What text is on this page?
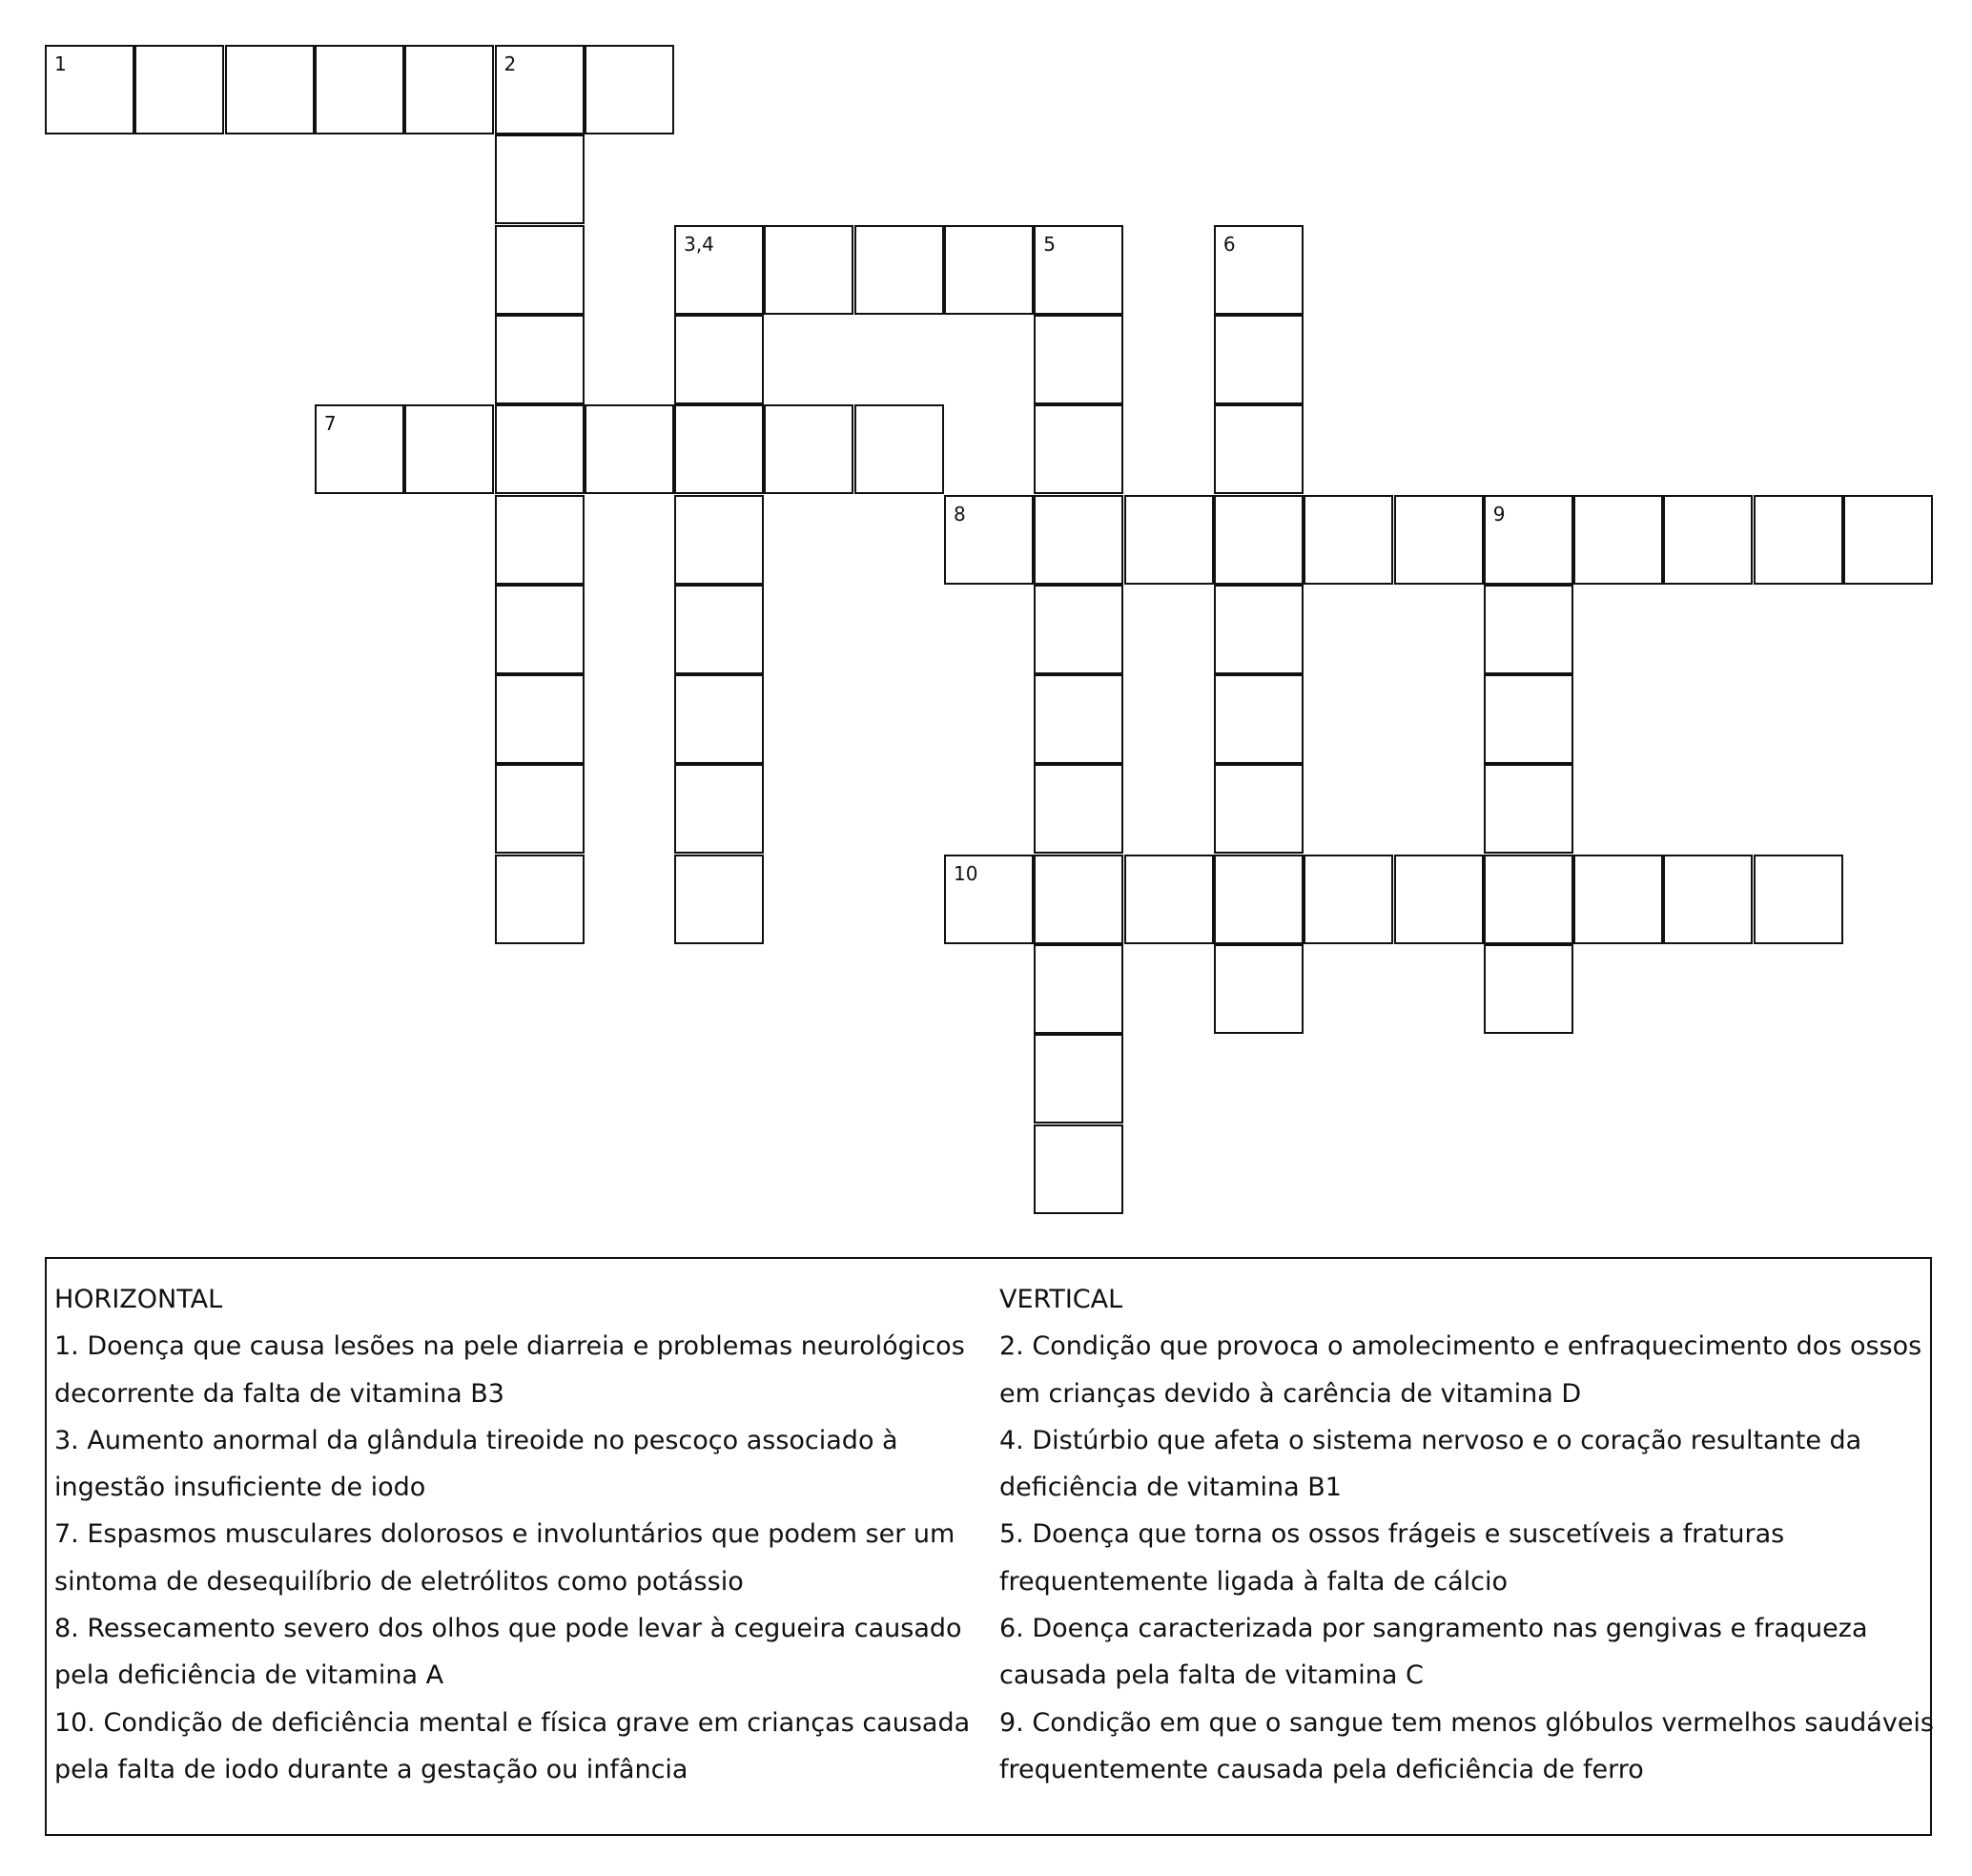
1	2
3,4	5	6
7
8	9
10

HORIZONTAL

1. Doença que causa lesões na pele diarreia e problemas neurológicos decorrente da falta de vitamina B3

3. Aumento anormal da glândula tireoide no pescoço associado à ingestão insuficiente de iodo

7. Espasmos musculares dolorosos e involuntários que podem ser um sintoma de desequilíbrio de eletrólitos como potássio

8. Ressecamento severo dos olhos que pode levar à cegueira causado pela deficiência de vitamina A

10. Condição de deficiência mental e física grave em crianças causada pela falta de iodo durante a gestação ou infância

VERTICAL

2. Condição que provoca o amolecimento e enfraquecimento dos ossos em crianças devido à carência de vitamina D

4. Distúrbio que afeta o sistema nervoso e o coração resultante da deficiência de vitamina B1

5. Doença que torna os ossos frágeis e suscetíveis a fraturas frequentemente ligada à falta de cálcio

6. Doença caracterizada por sangramento nas gengivas e fraqueza causada pela falta de vitamina C

9. Condição em que o sangue tem menos glóbulos vermelhos saudáveis frequentemente causada pela deficiência de ferro
